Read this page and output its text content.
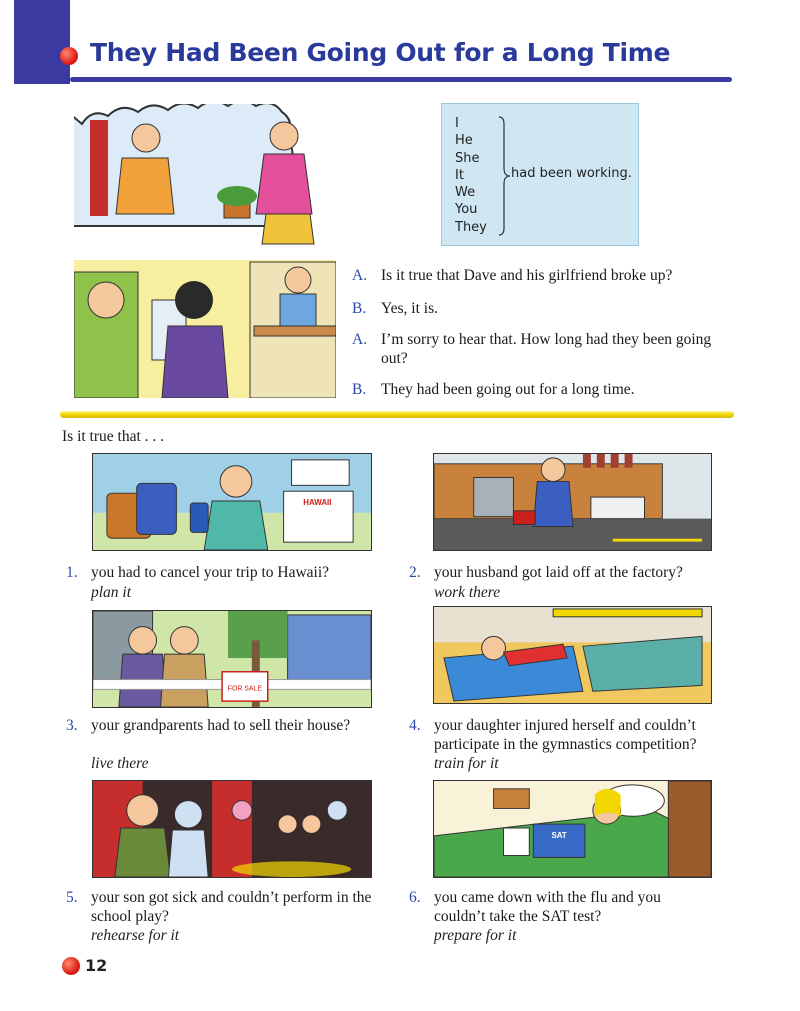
They Had Been Going Out for a Long Time
I
He
She
It
We
You
They
had been working.
A. Is it true that Dave and his girlfriend broke up?
B. Yes, it is.
A. I’m sorry to hear that. How long had they been going out?
B. They had been going out for a long time.
Is it true that . . .
HAWAII
FOR SALE
SAT
1. you had to cancel your trip to Hawaii?
plan it
2. your husband got laid off at the factory?
work there
3. your grandparents had to sell their house?
live there
4. your daughter injured herself and couldn’t participate in the gymnastics competition?
train for it
5. your son got sick and couldn’t perform in the school play?
rehearse for it
6. you came down with the flu and you couldn’t take the SAT test?
prepare for it
12
